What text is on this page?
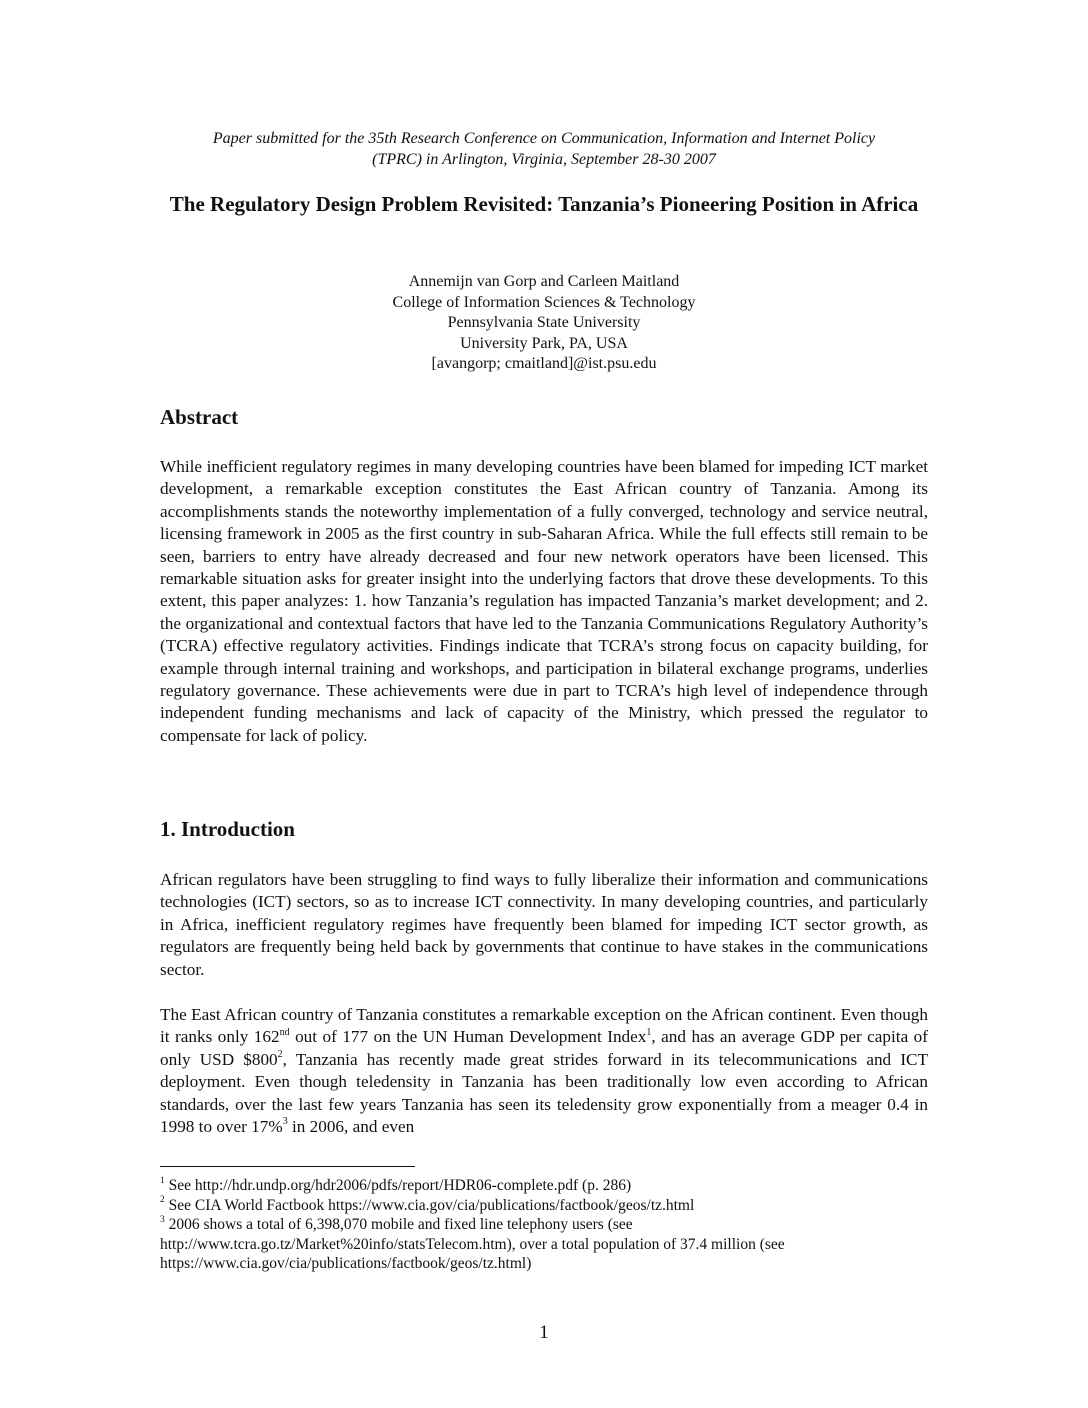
Paper submitted for the 35th Research Conference on Communication, Information and Internet Policy
(TPRC) in Arlington, Virginia, September 28-30 2007
The Regulatory Design Problem Revisited: Tanzania’s Pioneering Position in Africa
Annemijn van Gorp and Carleen Maitland
College of Information Sciences & Technology
Pennsylvania State University
University Park, PA, USA
[avangorp; cmaitland]@ist.psu.edu
Abstract

While inefficient regulatory regimes in many developing countries have been blamed for impeding ICT market development, a remarkable exception constitutes the East African country of Tanzania. Among its accomplishments stands the noteworthy implementation of a fully converged, technology and service neutral, licensing framework in 2005 as the first country in sub-Saharan Africa. While the full effects still remain to be seen, barriers to entry have already decreased and four new network operators have been licensed. This remarkable situation asks for greater insight into the underlying factors that drove these developments. To this extent, this paper analyzes: 1. how Tanzania’s regulation has impacted Tanzania’s market development; and 2. the organizational and contextual factors that have led to the Tanzania Communications Regulatory Authority’s (TCRA) effective regulatory activities. Findings indicate that TCRA’s strong focus on capacity building, for example through internal training and workshops, and participation in bilateral exchange programs, underlies regulatory governance. These achievements were due in part to TCRA’s high level of independence through independent funding mechanisms and lack of capacity of the Ministry, which pressed the regulator to compensate for lack of policy.

1. Introduction

African regulators have been struggling to find ways to fully liberalize their information and communications technologies (ICT) sectors, so as to increase ICT connectivity. In many developing countries, and particularly in Africa, inefficient regulatory regimes have frequently been blamed for impeding ICT sector growth, as regulators are frequently being held back by governments that continue to have stakes in the communications sector.

The East African country of Tanzania constitutes a remarkable exception on the African continent. Even though it ranks only 162nd out of 177 on the UN Human Development Index$^1$, and has an average GDP per capita of only USD $\$800^2$, Tanzania has recently made great strides forward in its telecommunications and ICT deployment. Even though teledensity in Tanzania has been traditionally low even according to African standards, over the last few years Tanzania has seen its teledensity grow exponentially from a meager 0.4 in 1998 to over 17%$^3$ in 2006, and even

$^1$ See http://hdr.undp.org/hdr2006/pdfs/report/HDR06-complete.pdf (p. 286)
$^2$ See CIA World Factbook https://www.cia.gov/cia/publications/factbook/geos/tz.html
$^3$ 2006 shows a total of 6,398,070 mobile and fixed line telephony users (see
http://www.tcra.go.tz/Market%20info/statsTelecom.htm), over a total population of 37.4 million (see
https://www.cia.gov/cia/publications/factbook/geos/tz.html)
1
